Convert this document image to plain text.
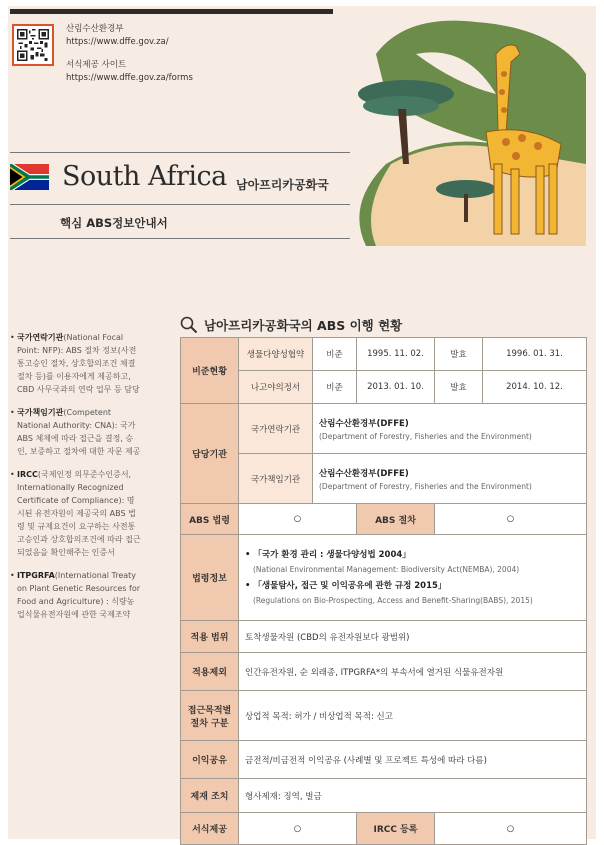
산림수산환경부
https://www.dffe.gov.za/
서식제공 사이트
https://www.dffe.gov.za/forms
South Africa 남아프리카공화국
핵심 ABS정보안내서
• 국가연락기관(National Focal Point: NFP): ABS 절차 정보(사전통고승인 절차, 상호합의조건 체결 절차 등)를 이용자에게 제공하고, CBD 사무국과의 연락 업무 등 담당
• 국가책임기관(Competent National Authority: CNA): 국가 ABS 체제에 따라 접근을 결정, 승인, 보증하고 절차에 대한 자문 제공
• IRCC(국제인정 의무준수인증서, Internationally Recognized Certificate of Compliance): 명시된 유전자원이 제공국의 ABS 법령 및 규제요건이 요구하는 사전통고승인과 상호합의조건에 따라 접근되었음을 확인해주는 인증서
• ITPGRFA(International Treaty on Plant Genetic Resources for Food and Agriculture) : 식량농업식물유전자원에 관한 국제조약
남아프리카공화국의 ABS 이행 현황
비준현황	생물다양성협약	비준	1995. 11. 02.	발효	1996. 01. 31.
	나고야의정서	비준	2013. 01. 10.	발효	2014. 10. 12.
담당기관	국가연락기관	산림수산환경부(DFFE)
(Department of Forestry, Fisheries and the Environment)			

	국가책임기관	산림수산환경부(DFFE)
(Department of Forestry, Fisheries and the Environment)			

ABS 법령	○		ABS 절차	○	
법령정보	• 「국가 환경 관리 : 생물다양성법 2004」
(National Environmental Management: Biodiversity Act(NEMBA), 2004)
• 「생물탐사, 접근 및 이익공유에 관한 규정 2015」
(Regulations on Bio-Prospecting, Access and Benefit-Sharing(BABS), 2015)				

적용 범위	토착생물자원 (CBD의 유전자원보다 광범위)				
적용제외	인간유전자원, 순 외래종, ITPGRFA*의 부속서에 열거된 식물유전자원				

접근목적별
절차 구분	상업적 목적: 허가 / 비상업적 목적: 신고				
이익공유	금전적/비금전적 이익공유 (사례별 및 프로젝트 특성에 따라 다름)				
제재 조치	형사제재: 징역, 벌금				
서식제공	○		IRCC 등록	○	
